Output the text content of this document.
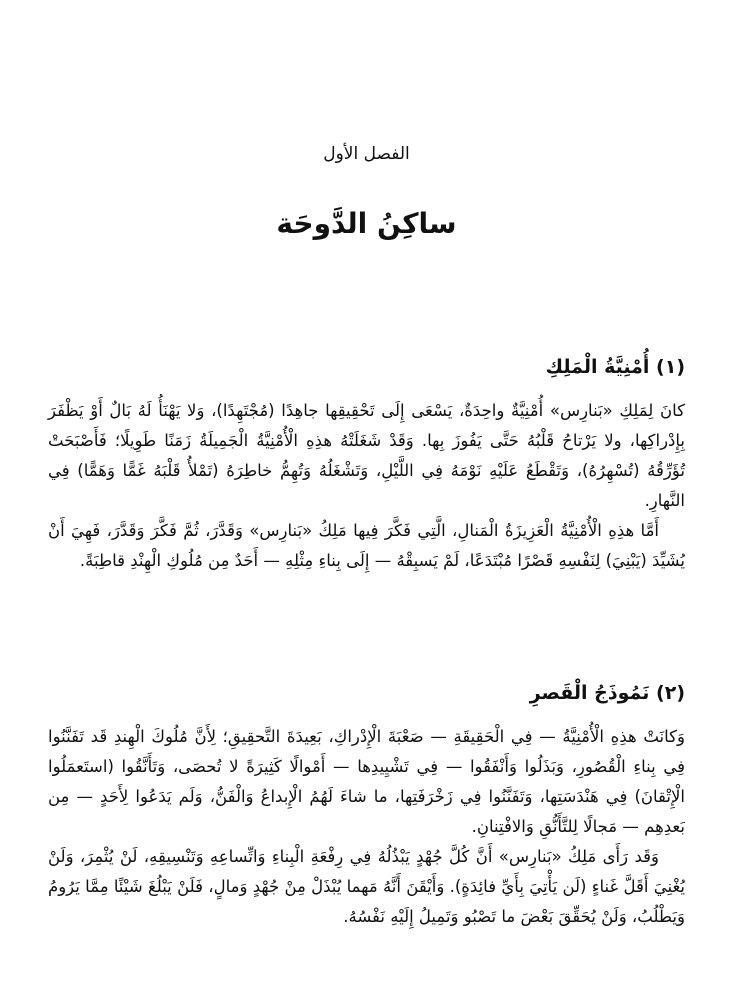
الفصل الأول
ساكِنُ الدَّوحَة
(١) أُمْنِيَّةُ الْمَلِكِ

كانَ لِمَلِكِ «بَنارِس» أُمْنِيَّةٌ واحِدَةٌ، يَسْعَى إِلَى تَحْقِيقِها جاهِدًا (مُجْتَهِدًا)، وَلا يَهْنَأُ لَهُ بَالٌ أَوْ يَظْفَرَ بِإِدْراكِها، ولا يَرْتاحُ قَلْبُهُ حَتَّى يَفُوزَ بِها. وَقَدْ شَغَلَتْهُ هذِهِ الْأُمْنِيَّةُ الْجَمِيلَةُ زَمَنًا طَوِيلًا؛ فَأَصْبَحَتْ تُؤَرِّقُهُ (تُسْهِرُهُ)، وَتَقْطَعُ عَلَيْهِ نَوْمَهُ فِي اللَّيْلِ، وَتَشْغَلُهُ وَتُهِمُّ خاطِرَهُ (تَمْلأُ قَلْبَهُ غَمًّا وَهَمًّا) فِي النَّهارِ.

أَمَّا هذِهِ الْأُمْنِيَّةُ الْعَزِيزَةُ الْمَنالِ، الَّتِي فَكَّرَ فِيها مَلِكُ «بَنارِس» وَقَدَّرَ، ثُمَّ فَكَّرَ وَقَدَّرَ، فَهِيَ أَنْ يُشَيِّدَ (يَبْنِيَ) لِنَفْسِهِ قَصْرًا مُبْتَدَعًا، لَمْ يَسبِقْهُ — إِلَى بِناءِ مِثْلِهِ — أَحَدٌ مِن مُلُوكِ الْهِنْدِ قاطِبَةً.

(٢) نَمُوذَجُ الْقَصرِ

وَكانَتْ هذِهِ الْأُمْنِيَّةُ — فِي الْحَقِيقَةِ — صَعْبَةَ الْإِدْراكِ، بَعِيدَةَ التَّحقِيقِ؛ لِأَنَّ مُلُوكَ الْهِندِ قَد تَفَنَّنُوا فِي بِناءِ الْقُصُورِ، وَبَذَلُوا وَأَنْفَقُوا — فِي تَشْيِيدِها — أَمْوالًا كَثِيرَةً لا تُحصَى، وَتَأَنَّقُوا (استَعمَلُوا الْإِتْقانَ) فِي هَنْدَسَتِها، وَتَفَنَّنُوا فِي زَخْرَفَتِها، ما شاءَ لَهُمُ الْإِبداعُ وَالْفَنُّ، وَلَم يَدَعُوا لِأَحَدٍ — مِن بَعدِهِم — مَجالًا لِلتَّأَنُّقِ وَالافْتِنانِ.

وَقَد رَأَى مَلِكُ «بَنارِس» أَنَّ كُلَّ جُهْدٍ يَبْذُلُهُ فِي رِفْعَةِ الْبِناءِ وَاتِّساعِهِ وَتَنْسِيقِهِ، لَنْ يُثْمِرَ، وَلَنْ يُغْنِيَ أَقَلَّ غَناءٍ (لَن يَأْتِيَ بِأَيِّ فائِدَةٍ). وَأَيْقَنَ أَنَّهُ مَهما يُبْذَلْ مِنْ جُهْدٍ وَمالٍ، فَلَنْ يَبْلُغَ شَيْئًا مِمَّا يَرُومُ وَيَطْلُبُ، وَلَنْ يُحَقِّقَ بَعْضَ ما تَصْبُو وَتَمِيلُ إِلَيْهِ نَفْسُهُ.
